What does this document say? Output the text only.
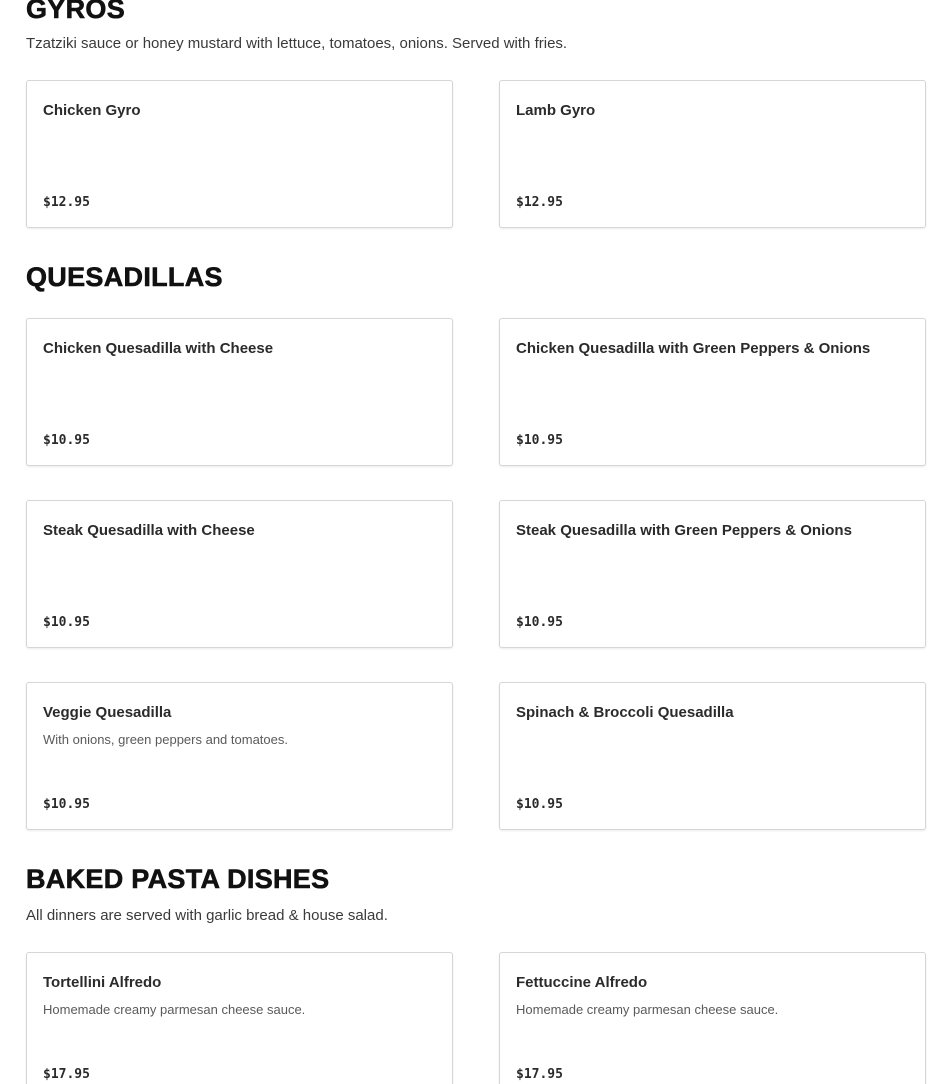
GYROS

Tzatziki sauce or honey mustard with lettuce, tomatoes, onions. Served with fries.

Chicken Gyro
$12.95
Lamb Gyro
$12.95
QUESADILLAS
Chicken Quesadilla with Cheese
$10.95
Chicken Quesadilla with Green Peppers & Onions
$10.95
Steak Quesadilla with Cheese
$10.95
Steak Quesadilla with Green Peppers & Onions
$10.95
Veggie Quesadilla
With onions, green peppers and tomatoes.
$10.95
Spinach & Broccoli Quesadilla
$10.95
BAKED PASTA DISHES

All dinners are served with garlic bread & house salad.

Tortellini Alfredo
Homemade creamy parmesan cheese sauce.
$17.95
Fettuccine Alfredo
Homemade creamy parmesan cheese sauce.
$17.95
